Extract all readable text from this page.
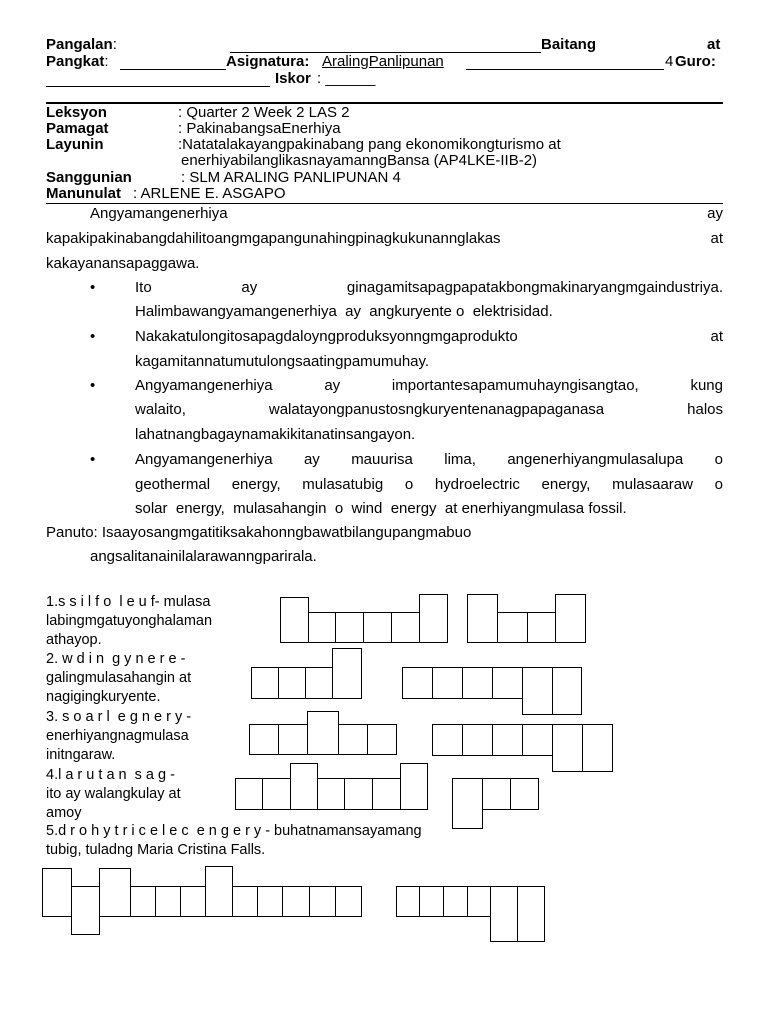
Pangalan:	Baitang	at
Pangkat:	Asignatura: AralingPanlipunan	4 Guro:
Iskor : ______
Leksyon	: Quarter 2 Week 2 LAS 2
Pamagat	: PakinabangsaEnerhiya
Layunin	:Natatalakayangpakinabang pang ekonomikongturismo at
enerhiyabilanglikasnayamanngBansa (AP4LKE-IIB-2)
Sanggunian	: SLM ARALING PANLIPUNAN 4
Manunulat : ARLENE E. ASGAPO
Angyamangenerhiya	ay
kapakipakinabangdahilitoangmgapangunahingpinagkukunannglakas	at
kakayanansapaggawa.
•	Ito	ay	ginagamitsapagpapatakbongmakinaryangmgaindustriya.
Halimbawangyamangenerhiya  ay  angkuryente o  elektrisidad.
•	Nakakatulongitosapagdaloyngproduksyonngmgaprodukto	at
kagamitannatumutulongsaatingpamumuhay.
•	Angyamangenerhiya	ay	importantesapamumuhayngisangtao,	kung
walaito,	walatayongpanustosngkuryentenanagpapaganasa	halos
lahatnangbagaynamakikitanatinsangayon.
•	Angyamangenerhiya ay mauurisa lima, angenerhiyangmulasalupa o
geothermal energy, mulasatubig o hydroelectric energy, mulasaaraw o
solar  energy,  mulasahangin  o  wind  energy  at enerhiyangmulasa fossil.
Panuto: Isaayosangmgatitiksakahonngbawatbilangupangmabuo
angsalitanainilalarawanngparirala.
1.s s i l f o  l e u f- mulasa
labingmgatuyonghalaman
athayop.
2. w d i n  g y n e r e -
galingmulasahangin at
nagigingkuryente.
3. s o a r l  e g n e r y -
enerhiyangnagmulasa
initngaraw.
4.l a r u t a n  s a g -
ito ay walangkulay at
amoy
5.d r o h y t r i c e l e c  e n g e r y - buhatnamansayamang
tubig, tuladng Maria Cristina Falls.
